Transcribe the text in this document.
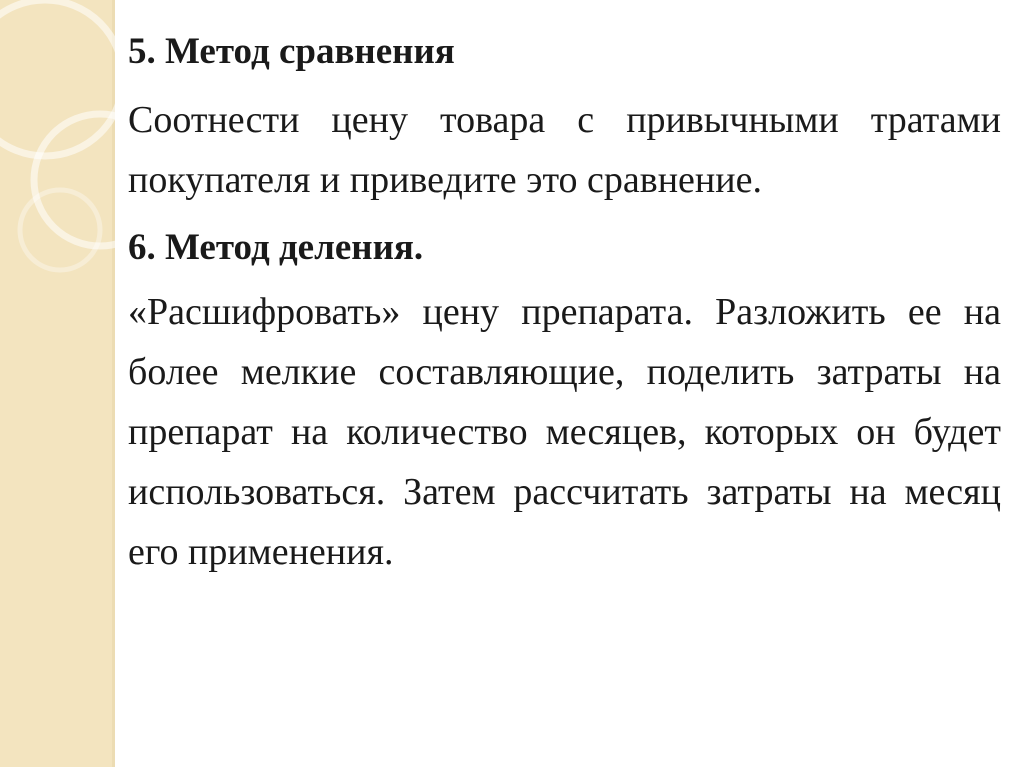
5. Метод сравнения

Соотнести цену товара с привычными тратами покупателя и приведите это сравнение.

6. Метод деления.

«Расшифровать» цену препарата. Разложить ее на более мелкие составляющие, поделить затраты на препарат на количество месяцев, которых он будет использоваться. Затем рассчитать затраты на месяц его применения.
